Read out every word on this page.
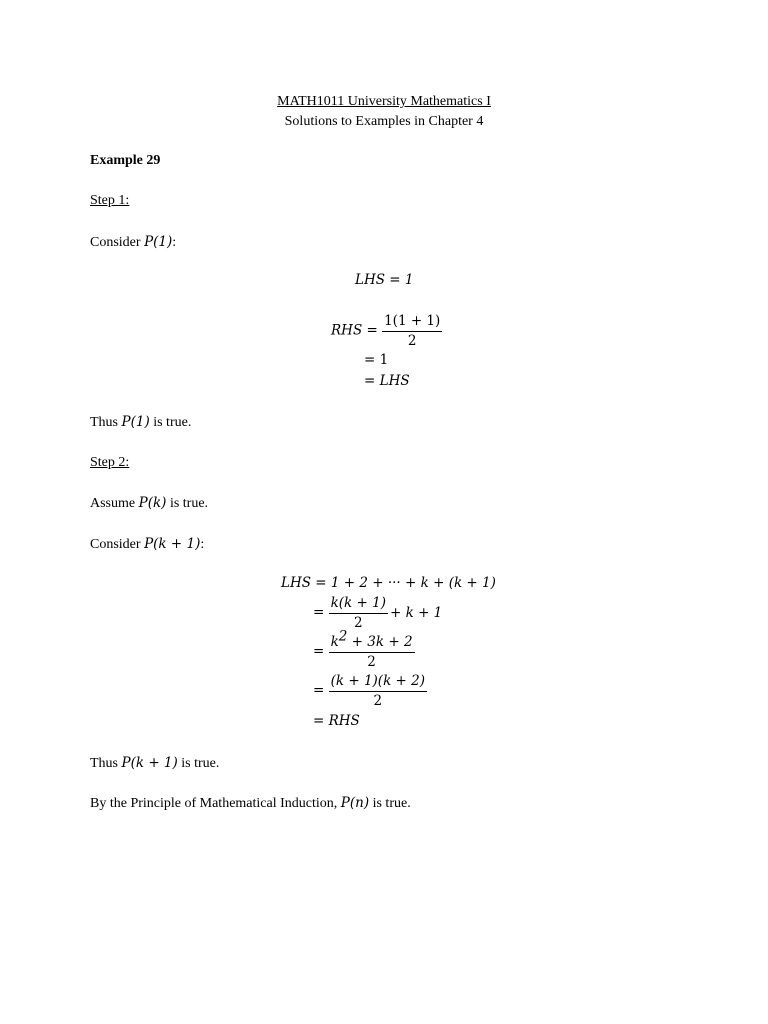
MATH1011 University Mathematics I
Solutions to Examples in Chapter 4
Example 29
Step 1:
Consider P(1):
LHS = 1
RHS = $\frac{1(1 + 1)}{2}$
= 1
= LHS
Thus P(1) is true.
Step 2:
Assume P(k) is true.
Consider P(k + 1):
LHS = 1 + 2 + ··· + k + (k + 1)
= $\frac{k(k + 1)}{2} + k + 1$
= $\frac{k^2 + 3k + 2}{2}$
= $\frac{(k + 1)(k + 2)}{2}$
= RHS
Thus P(k + 1) is true.
By the Principle of Mathematical Induction, P(n) is true.
